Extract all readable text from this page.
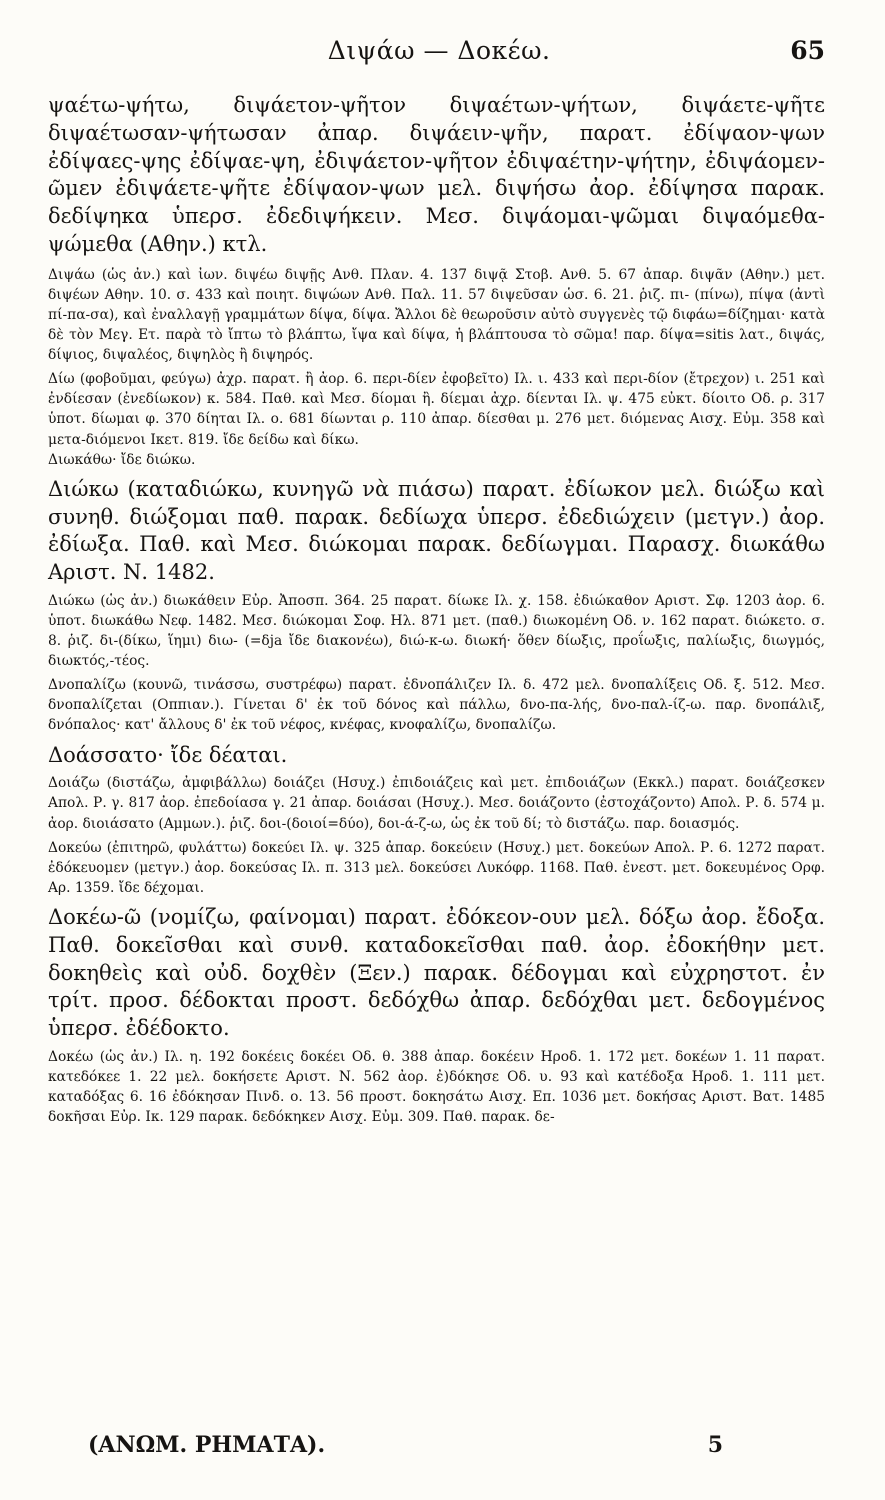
Διψάω — Δοκέω.	65

ψαέτω-ψήτω, διψάετον-ψῆτον διψαέτων-ψήτων, διψάετε-ψῆτε διψαέτωσαν-ψήτωσαν ἀπαρ. διψάειν-ψῆν, παρατ. ἐδίψαον-ψων ἐδίψαες-ψης ἐδίψαε-ψη, ἐδιψάετον-ψῆτον ἐδιψαέτην-ψήτην, ἐδιψάομεν-ῶμεν ἐδιψάετε-ψῆτε ἐδίψαον-ψων μελ. διψήσω ἀορ. ἐδίψησα παρακ. δεδίψηκα ὑπερσ. ἐδεδιψήκειν. Μεσ. διψάομαι-ψῶμαι διψαόμεθα-ψώμεθα (Αθην.) κτλ.

Διψάω (ὡς ἀν.) καὶ ἰων. διψέω διψῇς Ανθ. Πλαν. 4. 137 διψᾷ Στοβ. Ανθ. 5. 67 ἀπαρ. διψᾶν (Αθην.) μετ. διψέων Αθην. 10. σ. 433 καὶ ποιητ. διψώων Ανθ. Παλ. 11. 57 διψεῦσαν ὡσ. 6. 21. ῥιζ. πι- (πίνω), πίψα (ἀντὶ πί-πα-σα), καὶ ἐναλλαγῇ γραμμάτων δίψα, δίψα. Ἄλλοι δὲ θεωροῦσιν αὐτὸ συγγενὲς τῷ διφάω=δίζημαι· κατὰ δὲ τὸν Μεγ. Ετ. παρὰ τὸ ἴπτω τὸ βλάπτω, ἴψα καὶ δίψα, ἡ βλάπτουσα τὸ σῶμα! παρ. δίψα=sitis λατ., διψάς, δίψιος, διψαλέος, διψηλὸς ἢ διψηρός.

Δίω (φοβοῦμαι, φεύγω) ἀχρ. παρατ. ἢ ἀορ. 6. περι-δίεν ἐφοβεῖτο) Ιλ. ι. 433 καὶ περι-δίον (ἔτρεχον) ι. 251 καὶ ἐνδίεσαν (ἐνεδίωκον) κ. 584. Παθ. καὶ Μεσ. δίομαι ἢ. δίεμαι ἀχρ. δίενται Ιλ. ψ. 475 εὐκτ. δίοιτο Οδ. ρ. 317 ὑποτ. δίωμαι φ. 370 δίηται Ιλ. ο. 681 δίωνται ρ. 110 ἀπαρ. δίεσθαι μ. 276 μετ. διόμενας Αισχ. Εὐμ. 358 καὶ μετα-διόμενοι Ικετ. 819. ἴδε δείδω καὶ δίκω.

Διωκάθω· ἴδε διώκω.

Διώκω (καταδιώκω, κυνηγῶ νὰ πιάσω) παρατ. ἐδίωκον μελ. διώξω καὶ συνηθ. διώξομαι παθ. παρακ. δεδίωχα ὑπερσ. ἐδεδιώχειν (μετγν.) ἀορ. ἐδίωξα. Παθ. καὶ Μεσ. διώκομαι παρακ. δεδίωγμαι. Παρασχ. διωκάθω Αριστ. Ν. 1482.

Διώκω (ὡς ἀν.) διωκάθειν Εὐρ. Ἀποσπ. 364. 25 παρατ. δίωκε Ιλ. χ. 158. ἐδιώκαθον Αριστ. Σφ. 1203 ἀορ. 6. ὑποτ. διωκάθω Νεφ. 1482. Μεσ. διώκομαι Σοφ. Ηλ. 871 μετ. (παθ.) διωκομένη Οδ. ν. 162 παρατ. διώκετο. σ. 8. ῥιζ. δι-(δίκω, ἵημι) διω- (=δja ἴδε διακονέω), διώ-κ-ω. διωκή· ὅθεν δίωξις, προΐωξις, παλίωξις, διωγμός, διωκτός,-τέος.

Δνοπαλίζω (κουνῶ, τινάσσω, συστρέφω) παρατ. ἐδνοπάλιζεν Ιλ. δ. 472 μελ. δνοπαλίξεις Οδ. ξ. 512. Μεσ. δνοπαλίζεται (Οππιαν.). Γίνεται δ' ἐκ τοῦ δόνος καὶ πάλλω, δνο-πα-λής, δνο-παλ-ίζ-ω. παρ. δνοπάλιξ, δνόπαλος· κατ' ἄλλους δ' ἐκ τοῦ νέφος, κνέφας, κνοφαλίζω, δνοπαλίζω.

Δοάσσατο· ἴδε δέαται.

Δοιάζω (διστάζω, ἀμφιβάλλω) δοιάζει (Ησυχ.) ἐπιδοιάζεις καὶ μετ. ἐπιδοιάζων (Εκκλ.) παρατ. δοιάζεσκεν Απολ. Ρ. γ. 817 ἀορ. ἐπεδοίασα γ. 21 ἀπαρ. δοιάσαι (Ησυχ.). Μεσ. δοιάζοντο (ἐστοχάζοντο) Απολ. Ρ. δ. 574 μ. ἀορ. διοιάσατο (Αμμων.). ῥιζ. δοι-(δοιοί=δύο), δοι-ά-ζ-ω, ὡς ἐκ τοῦ δί; τὸ διστάζω. παρ. δοιασμός.

Δοκεύω (ἐπιτηρῶ, φυλάττω) δοκεύει Ιλ. ψ. 325 ἀπαρ. δοκεύειν (Ησυχ.) μετ. δοκεύων Απολ. Ρ. 6. 1272 παρατ. ἐδόκευομεν (μετγν.) ἀορ. δοκεύσας Ιλ. π. 313 μελ. δοκεύσει Λυκόφρ. 1168. Παθ. ἐνεστ. μετ. δοκευμένος Ορφ. Αρ. 1359. ἴδε δέχομαι.

Δοκέω-ῶ (νομίζω, φαίνομαι) παρατ. ἐδόκεον-ουν μελ. δόξω ἀορ. ἔδοξα. Παθ. δοκεῖσθαι καὶ συνθ. καταδοκεῖσθαι παθ. ἀορ. ἐδοκήθην μετ. δοκηθεὶς καὶ οὐδ. δοχθὲν (Ξεν.) παρακ. δέδογμαι καὶ εὐχρηστοτ. ἐν τρίτ. προσ. δέδοκται προστ. δεδόχθω ἀπαρ. δεδόχθαι μετ. δεδογμένος ὑπερσ. ἐδέδοκτο.

Δοκέω (ὡς ἀν.) Ιλ. η. 192 δοκέεις δοκέει Οδ. θ. 388 ἀπαρ. δοκέειν Ηροδ. 1. 172 μετ. δοκέων 1. 11 παρατ. κατεδόκεε 1. 22 μελ. δοκήσετε Αριστ. Ν. 562 ἀορ. ἐ)δόκησε Οδ. υ. 93 καὶ κατέδοξα Ηροδ. 1. 111 μετ. καταδόξας 6. 16 ἐδόκησαν Πινδ. ο. 13. 56 προστ. δοκησάτω Αισχ. Επ. 1036 μετ. δοκήσας Αριστ. Βατ. 1485 δοκῆσαι Εὐρ. Ικ. 129 παρακ. δεδόκηκεν Αισχ. Εὐμ. 309. Παθ. παρακ. δε-

(ΑΝΩΜ. ΡΗΜΑΤΑ).	5
